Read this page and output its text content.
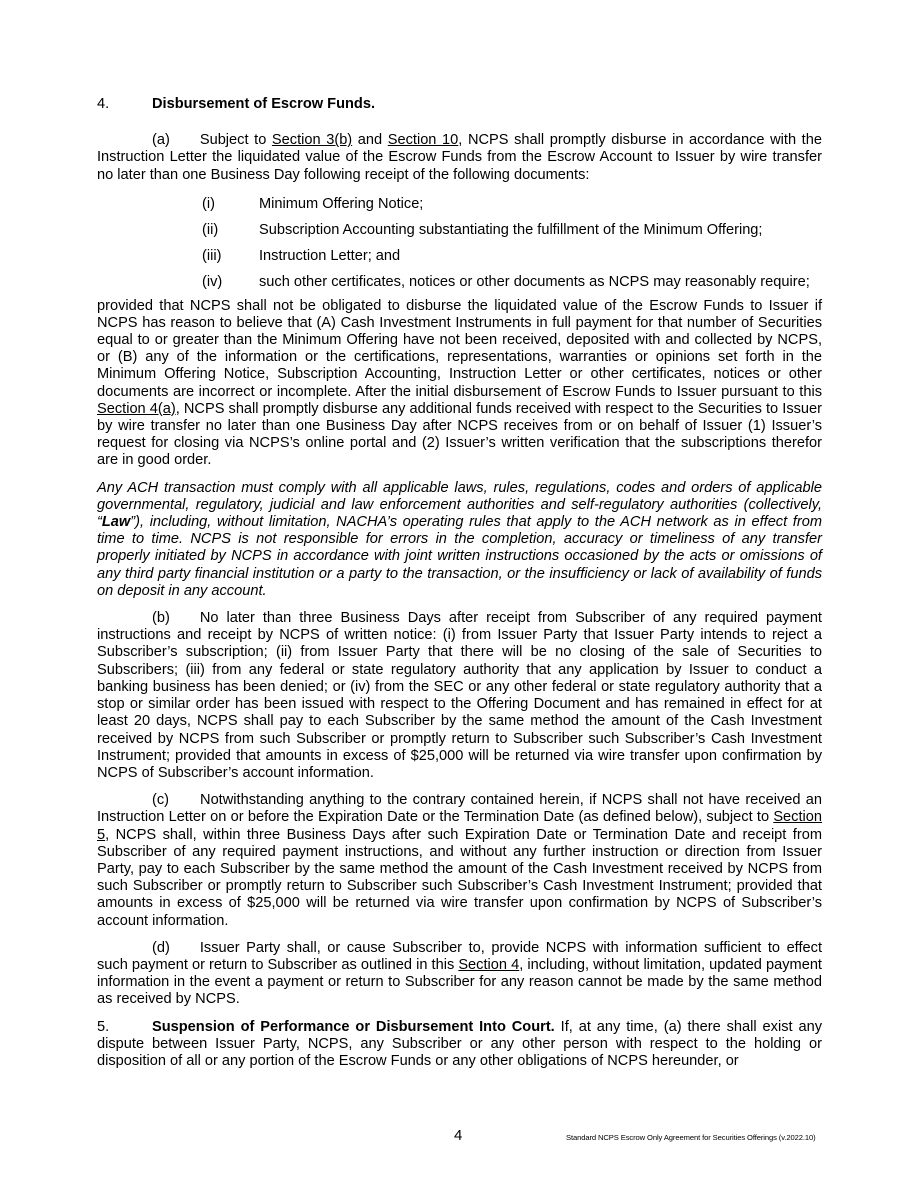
4.	Disbursement of Escrow Funds.

(a) Subject to Section 3(b) and Section 10, NCPS shall promptly disburse in accordance with the Instruction Letter the liquidated value of the Escrow Funds from the Escrow Account to Issuer by wire transfer no later than one Business Day following receipt of the following documents:

(i)	Minimum Offering Notice;
(ii)	Subscription Accounting substantiating the fulfillment of the Minimum Offering;
(iii)	Instruction Letter; and
(iv)	such other certificates, notices or other documents as NCPS may reasonably require;

provided that NCPS shall not be obligated to disburse the liquidated value of the Escrow Funds to Issuer if NCPS has reason to believe that (A) Cash Investment Instruments in full payment for that number of Securities equal to or greater than the Minimum Offering have not been received, deposited with and collected by NCPS, or (B) any of the information or the certifications, representations, warranties or opinions set forth in the Minimum Offering Notice, Subscription Accounting, Instruction Letter or other certificates, notices or other documents are incorrect or incomplete. After the initial disbursement of Escrow Funds to Issuer pursuant to this Section 4(a), NCPS shall promptly disburse any additional funds received with respect to the Securities to Issuer by wire transfer no later than one Business Day after NCPS receives from or on behalf of Issuer (1) Issuer’s request for closing via NCPS’s online portal and (2) Issuer’s written verification that the subscriptions therefor are in good order.

Any ACH transaction must comply with all applicable laws, rules, regulations, codes and orders of applicable governmental, regulatory, judicial and law enforcement authorities and self-regulatory authorities (collectively, “Law”), including, without limitation, NACHA’s operating rules that apply to the ACH network as in effect from time to time. NCPS is not responsible for errors in the completion, accuracy or timeliness of any transfer properly initiated by NCPS in accordance with joint written instructions occasioned by the acts or omissions of any third party financial institution or a party to the transaction, or the insufficiency or lack of availability of funds on deposit in any account.

(b) No later than three Business Days after receipt from Subscriber of any required payment instructions and receipt by NCPS of written notice: (i) from Issuer Party that Issuer Party intends to reject a Subscriber’s subscription; (ii) from Issuer Party that there will be no closing of the sale of Securities to Subscribers; (iii) from any federal or state regulatory authority that any application by Issuer to conduct a banking business has been denied; or (iv) from the SEC or any other federal or state regulatory authority that a stop or similar order has been issued with respect to the Offering Document and has remained in effect for at least 20 days, NCPS shall pay to each Subscriber by the same method the amount of the Cash Investment received by NCPS from such Subscriber or promptly return to Subscriber such Subscriber’s Cash Investment Instrument; provided that amounts in excess of $25,000 will be returned via wire transfer upon confirmation by NCPS of Subscriber’s account information.

(c) Notwithstanding anything to the contrary contained herein, if NCPS shall not have received an Instruction Letter on or before the Expiration Date or the Termination Date (as defined below), subject to Section 5, NCPS shall, within three Business Days after such Expiration Date or Termination Date and receipt from Subscriber of any required payment instructions, and without any further instruction or direction from Issuer Party, pay to each Subscriber by the same method the amount of the Cash Investment received by NCPS from such Subscriber or promptly return to Subscriber such Subscriber’s Cash Investment Instrument; provided that amounts in excess of $25,000 will be returned via wire transfer upon confirmation by NCPS of Subscriber’s account information.

(d) Issuer Party shall, or cause Subscriber to, provide NCPS with information sufficient to effect such payment or return to Subscriber as outlined in this Section 4, including, without limitation, updated payment information in the event a payment or return to Subscriber for any reason cannot be made by the same method as received by NCPS.

5.	Suspension of Performance or Disbursement Into Court. If, at any time, (a) there shall exist any dispute between Issuer Party, NCPS, any Subscriber or any other person with respect to the holding or disposition of all or any portion of the Escrow Funds or any other obligations of NCPS hereunder, or

4	Standard NCPS Escrow Only Agreement for Securities Offerings (v.2022.10)
